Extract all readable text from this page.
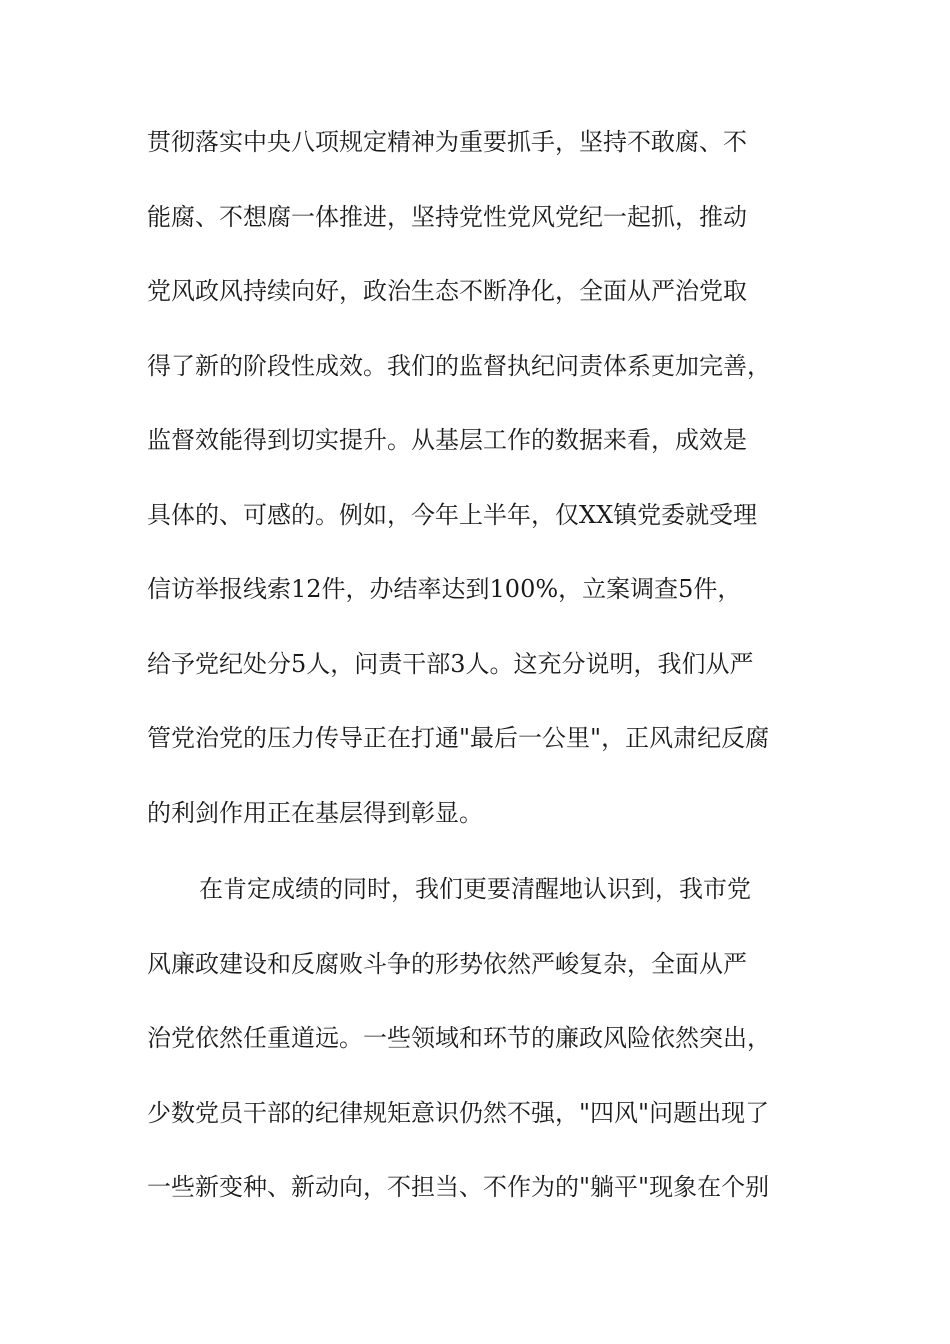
贯彻落实中央八项规定精神为重要抓手，坚持不敢腐、不
能腐、不想腐一体推进，坚持党性党风党纪一起抓，推动
党风政风持续向好，政治生态不断净化，全面从严治党取
得了新的阶段性成效。我们的监督执纪问责体系更加完善，
监督效能得到切实提升。从基层工作的数据来看，成效是
具体的、可感的。例如，今年上半年，仅XX镇党委就受理
信访举报线索12件，办结率达到100%，立案调查5件，
给予党纪处分5人，问责干部3人。这充分说明，我们从严
管党治党的压力传导正在打通"最后一公里"，正风肃纪反腐
的利剑作用正在基层得到彰显。
在肯定成绩的同时，我们更要清醒地认识到，我市党
风廉政建设和反腐败斗争的形势依然严峻复杂，全面从严
治党依然任重道远。一些领域和环节的廉政风险依然突出，
少数党员干部的纪律规矩意识仍然不强，"四风"问题出现了
一些新变种、新动向，不担当、不作为的"躺平"现象在个别
